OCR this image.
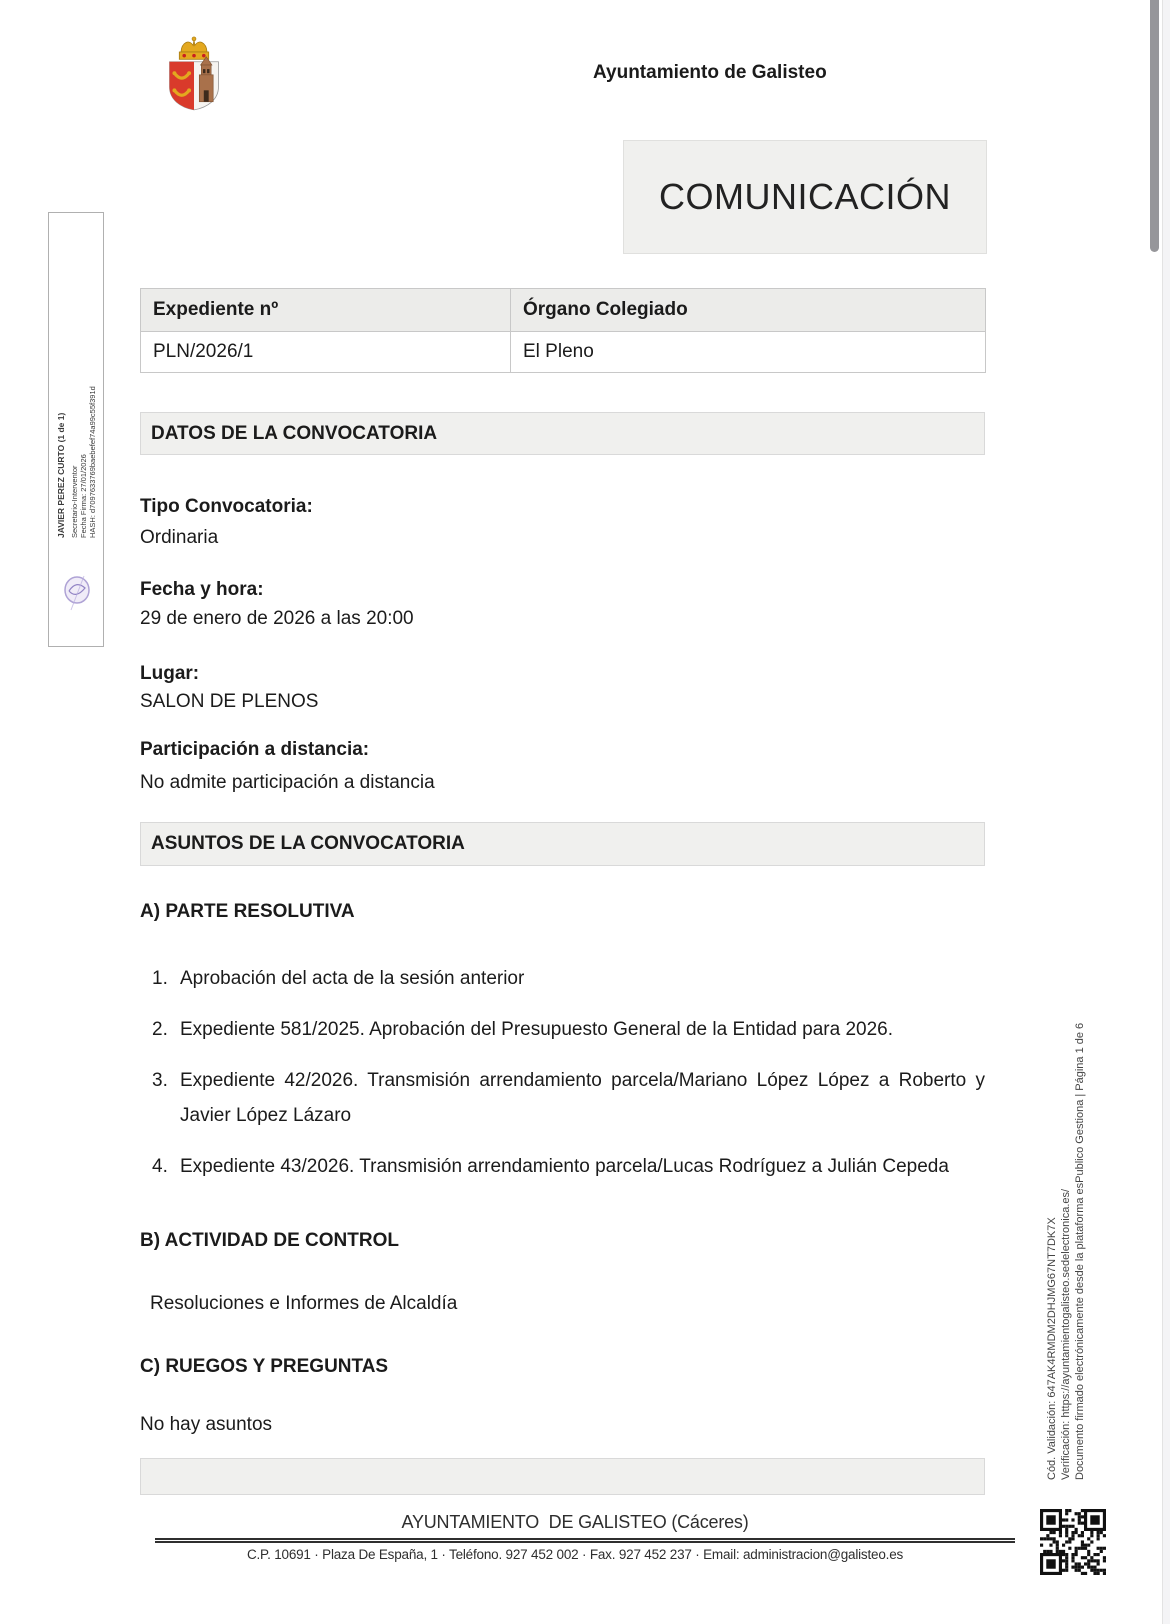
Ayuntamiento de Galisteo
COMUNICACIÓN
Expediente nº	Órgano Colegiado
PLN/2026/1	El Pleno
DATOS DE LA CONVOCATORIA
Tipo Convocatoria:
Ordinaria
Fecha y hora:
29 de enero de 2026 a las 20:00
Lugar:
SALON DE PLENOS
Participación a distancia:
No admite participación a distancia
ASUNTOS DE LA CONVOCATORIA
A) PARTE RESOLUTIVA
Aprobación del acta de la sesión anterior
Expediente 581/2025. Aprobación del Presupuesto General de la Entidad para 2026.
Expediente 42/2026. Transmisión arrendamiento parcela/Mariano López López a Roberto y Javier López Lázaro
Expediente 43/2026. Transmisión arrendamiento parcela/Lucas Rodríguez a Julián Cepeda
B) ACTIVIDAD DE CONTROL
Resoluciones e Informes de Alcaldía
C) RUEGOS Y PREGUNTAS
No hay asuntos
AYUNTAMIENTO  DE GALISTEO (Cáceres)
C.P. 10691 · Plaza De España, 1 · Teléfono. 927 452 002 · Fax. 927 452 237 · Email: administracion@galisteo.es
JAVIER PEREZ CURTO (1 de 1) Secretario-Interventor Fecha Firma: 27/01/2026 HASH: d7097633769baebefef74a99c55f391d
Cód. Validación: 647AK4RMDM2DHJMG67NT7DK7X Verificación: https://ayuntamientogalisteo.sedelectronica.es/ Documento firmado electrónicamente desde la plataforma esPublico Gestiona | Página 1 de 6
